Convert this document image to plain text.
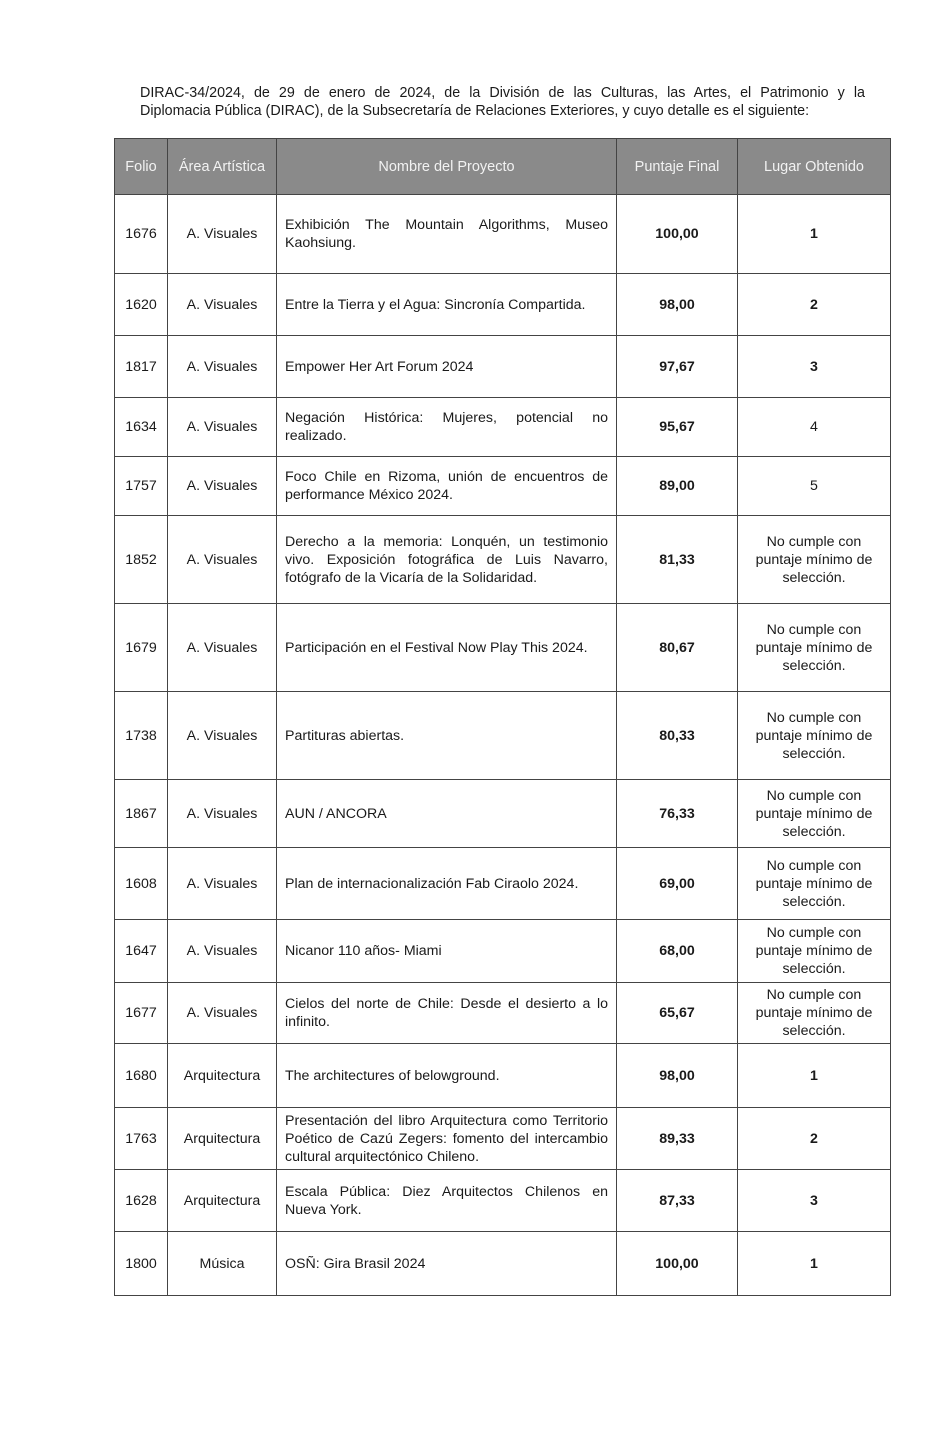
DIRAC-34/2024, de 29 de enero de 2024, de la División de las Culturas, las Artes, el Patrimonio y la
Diplomacia Pública (DIRAC), de la Subsecretaría de Relaciones Exteriores, y cuyo detalle es el siguiente:
Folio	Área Artística	Nombre del Proyecto	Puntaje Final	Lugar Obtenido
1676	A. Visuales	Exhibición The Mountain Algorithms, Museo Kaohsiung.	100,00	1
1620	A. Visuales	Entre la Tierra y el Agua: Sincronía Compartida.	98,00	2
1817	A. Visuales	Empower Her Art Forum 2024	97,67	3
1634	A. Visuales	Negación Histórica: Mujeres, potencial no realizado.	95,67	4
1757	A. Visuales	Foco Chile en Rizoma, unión de encuentros de performance México 2024.	89,00	5
1852	A. Visuales	Derecho a la memoria: Lonquén, un testimonio vivo. Exposición fotográfica de Luis Navarro, fotógrafo de la Vicaría de la Solidaridad.	81,33	No cumple con puntaje mínimo de selección.
1679	A. Visuales	Participación en el Festival Now Play This 2024.	80,67	No cumple con puntaje mínimo de selección.
1738	A. Visuales	Partituras abiertas.	80,33	No cumple con puntaje mínimo de selección.
1867	A. Visuales	AUN / ANCORA	76,33	No cumple con puntaje mínimo de selección.
1608	A. Visuales	Plan de internacionalización Fab Ciraolo 2024.	69,00	No cumple con puntaje mínimo de selección.
1647	A. Visuales	Nicanor 110 años- Miami	68,00	No cumple con puntaje mínimo de selección.
1677	A. Visuales	Cielos del norte de Chile: Desde el desierto a lo infinito.	65,67	No cumple con puntaje mínimo de selección.
1680	Arquitectura	The architectures of belowground.	98,00	1
1763	Arquitectura	Presentación del libro Arquitectura como Territorio Poético de Cazú Zegers: fomento del intercambio cultural arquitectónico Chileno.	89,33	2
1628	Arquitectura	Escala Pública: Diez Arquitectos Chilenos en Nueva York.	87,33	3
1800	Música	OSÑ: Gira Brasil 2024	100,00	1
